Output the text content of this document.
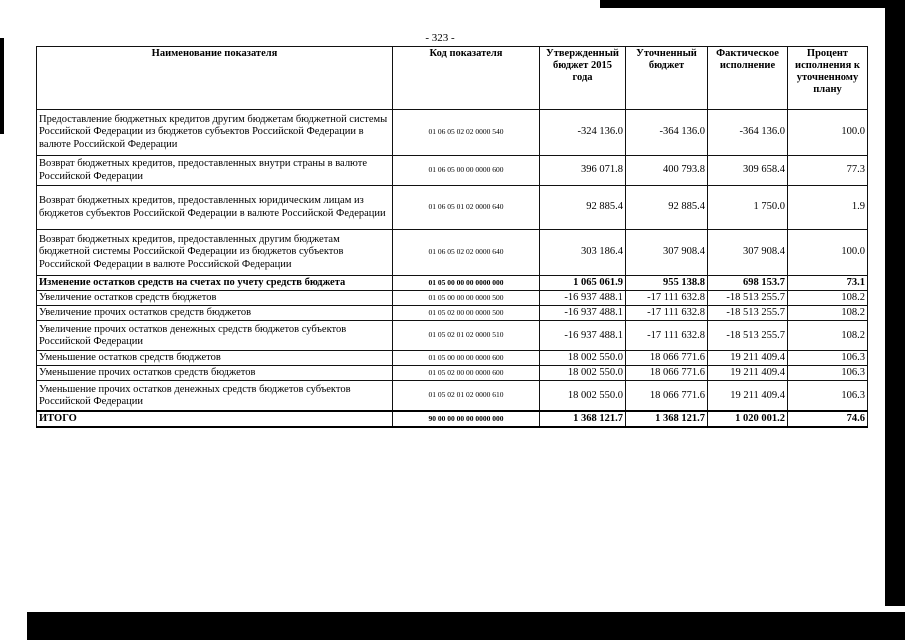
- 323 -
Наименование показателя	Код показателя	Утвержденный бюджет 2015 года	Уточненный бюджет	Фактическое исполнение	Процент исполнения к уточненному плану
Предоставление бюджетных кредитов другим бюджетам бюджетной системы Российской Федерации из бюджетов субъектов Российской Федерации в валюте Российской Федерации	01 06 05 02 02 0000 540	-324 136.0	-364 136.0	-364 136.0	100.0
Возврат бюджетных кредитов, предоставленных внутри страны в валюте Российской Федерации	01 06 05 00 00 0000 600	396 071.8	400 793.8	309 658.4	77.3
Возврат бюджетных кредитов, предоставленных юридическим лицам из бюджетов субъектов Российской Федерации в валюте Российской Федерации	01 06 05 01 02 0000 640	92 885.4	92 885.4	1 750.0	1.9
Возврат бюджетных кредитов, предоставленных другим бюджетам бюджетной системы Российской Федерации из бюджетов субъектов Российской Федерации в валюте Российской Федерации	01 06 05 02 02 0000 640	303 186.4	307 908.4	307 908.4	100.0
Изменение остатков средств на счетах по учету средств бюджета	01 05 00 00 00 0000 000	1 065 061.9	955 138.8	698 153.7	73.1
Увеличение остатков средств бюджетов	01 05 00 00 00 0000 500	-16 937 488.1	-17 111 632.8	-18 513 255.7	108.2
Увеличение прочих остатков средств бюджетов	01 05 02 00 00 0000 500	-16 937 488.1	-17 111 632.8	-18 513 255.7	108.2
Увеличение прочих остатков денежных средств бюджетов субъектов Российской Федерации	01 05 02 01 02 0000 510	-16 937 488.1	-17 111 632.8	-18 513 255.7	108.2
Уменьшение остатков средств бюджетов	01 05 00 00 00 0000 600	18 002 550.0	18 066 771.6	19 211 409.4	106.3
Уменьшение прочих остатков средств бюджетов	01 05 02 00 00 0000 600	18 002 550.0	18 066 771.6	19 211 409.4	106.3
Уменьшение прочих остатков денежных средств бюджетов субъектов Российской Федерации	01 05 02 01 02 0000 610	18 002 550.0	18 066 771.6	19 211 409.4	106.3
ИТОГО	90 00 00 00 00 0000 000	1 368 121.7	1 368 121.7	1 020 001.2	74.6
